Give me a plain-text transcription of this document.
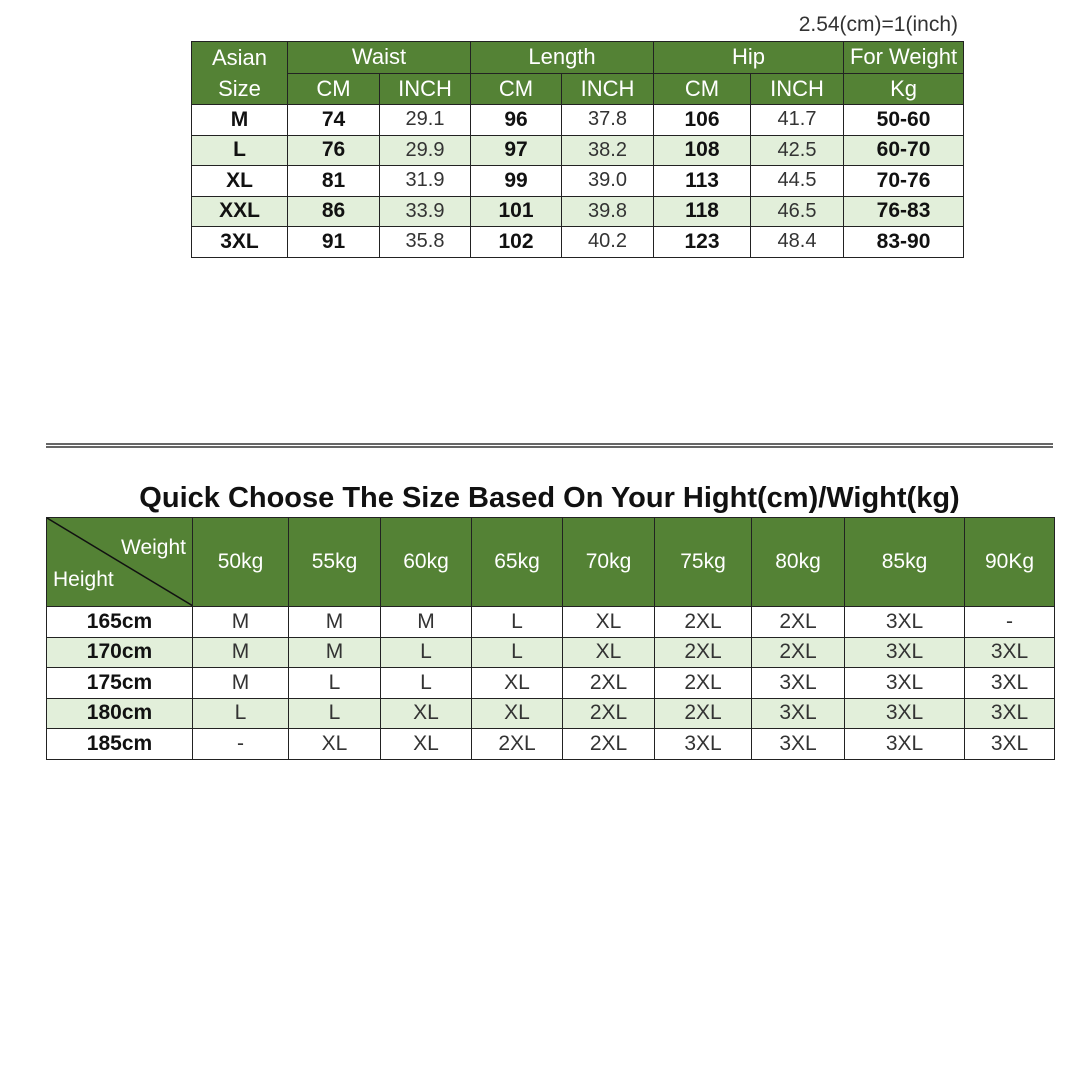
2.54(cm)=1(inch)
Asian
Size	Waist		Length		Hip		For Weight
	CM	INCH	CM	INCH	CM	INCH	Kg
M	74	29.1	96	37.8	106	41.7	50-60
L	76	29.9	97	38.2	108	42.5	60-70
XL	81	31.9	99	39.0	113	44.5	70-76
XXL	86	33.9	101	39.8	118	46.5	76-83
3XL	91	35.8	102	40.2	123	48.4	83-90
Quick Choose The Size Based On Your Hight(cm)/Wight(kg)
Weight
Height	50kg	55kg	60kg	65kg	70kg	75kg	80kg	85kg	90Kg
165cm	M	M	M	L	XL	2XL	2XL	3XL	-
170cm	M	M	L	L	XL	2XL	2XL	3XL	3XL
175cm	M	L	L	XL	2XL	2XL	3XL	3XL	3XL
180cm	L	L	XL	XL	2XL	2XL	3XL	3XL	3XL
185cm	-	XL	XL	2XL	2XL	3XL	3XL	3XL	3XL
